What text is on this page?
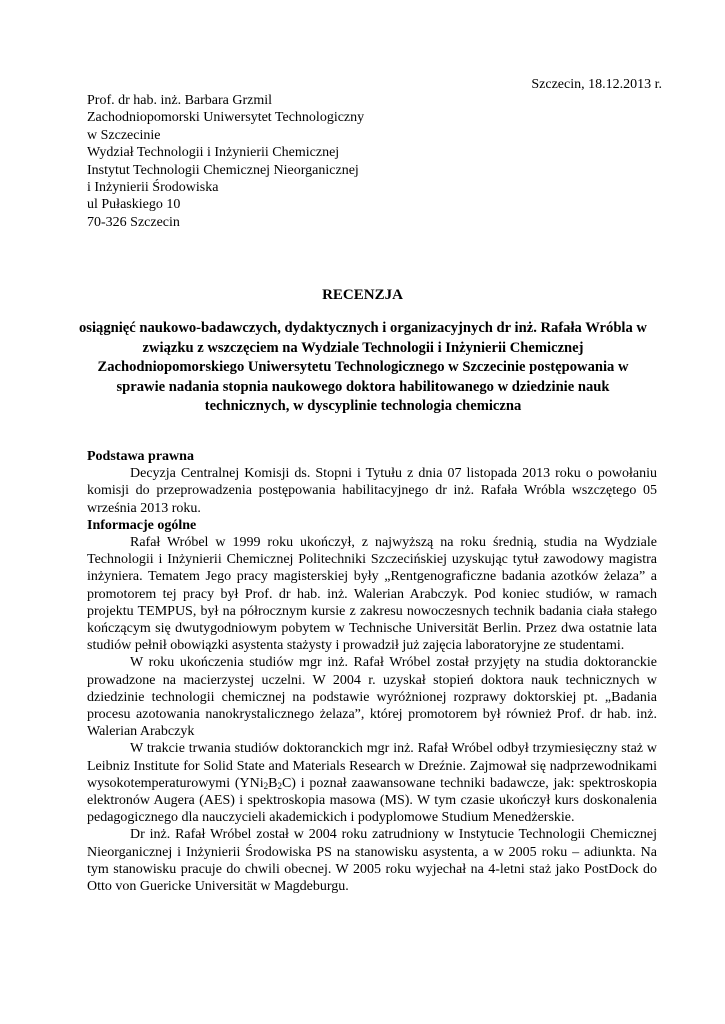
Szczecin, 18.12.2013 r.
Prof. dr hab. inż. Barbara Grzmil
Zachodniopomorski Uniwersytet Technologiczny
w Szczecinie
Wydział Technologii i Inżynierii Chemicznej
Instytut Technologii Chemicznej Nieorganicznej
i Inżynierii Środowiska
ul Pułaskiego 10
70-326 Szczecin
RECENZJA
osiągnięć naukowo-badawczych, dydaktycznych i organizacyjnych dr inż. Rafała Wróbla w związku z wszczęciem na Wydziale Technologii i Inżynierii Chemicznej Zachodniopomorskiego Uniwersytetu Technologicznego w Szczecinie postępowania w sprawie nadania stopnia naukowego doktora habilitowanego w dziedzinie nauk technicznych, w dyscyplinie technologia chemiczna
Podstawa prawna

Decyzja Centralnej Komisji ds. Stopni i Tytułu z dnia 07 listopada 2013 roku o powołaniu komisji do przeprowadzenia postępowania habilitacyjnego dr inż. Rafała Wróbla wszczętego 05 września 2013 roku.

Informacje ogólne

Rafał Wróbel w 1999 roku ukończył, z najwyższą na roku średnią, studia na Wydziale Technologii i Inżynierii Chemicznej Politechniki Szczecińskiej uzyskując tytuł zawodowy magistra inżyniera. Tematem Jego pracy magisterskiej były „Rentgenograficzne badania azotków żelaza” a promotorem tej pracy był Prof. dr hab. inż. Walerian Arabczyk. Pod koniec studiów, w ramach projektu TEMPUS, był na półrocznym kursie z zakresu nowoczesnych technik badania ciała stałego kończącym się dwutygodniowym pobytem w Technische Universität Berlin. Przez dwa ostatnie lata studiów pełnił obowiązki asystenta stażysty i prowadził już zajęcia laboratoryjne ze studentami.

W roku ukończenia studiów mgr inż. Rafał Wróbel został przyjęty na studia doktoranckie prowadzone na macierzystej uczelni. W 2004 r. uzyskał stopień doktora nauk technicznych w dziedzinie technologii chemicznej na podstawie wyróżnionej rozprawy doktorskiej pt. „Badania procesu azotowania nanokrystalicznego żelaza”, której promotorem był również Prof. dr hab. inż. Walerian Arabczyk

W trakcie trwania studiów doktoranckich mgr inż. Rafał Wróbel odbył trzymiesięczny staż w Leibniz Institute for Solid State and Materials Research w Dreźnie. Zajmował się nadprzewodnikami wysokotemperaturowymi $(YNi_2B_2C)$ i poznał zaawansowane techniki badawcze, jak: spektroskopia elektronów Augera (AES) i spektroskopia masowa (MS). W tym czasie ukończył kurs doskonalenia pedagogicznego dla nauczycieli akademickich i podyplomowe Studium Menedżerskie.

Dr inż. Rafał Wróbel został w 2004 roku zatrudniony w Instytucie Technologii Chemicznej Nieorganicznej i Inżynierii Środowiska PS na stanowisku asystenta, a w 2005 roku – adiunkta. Na tym stanowisku pracuje do chwili obecnej. W 2005 roku wyjechał na 4-letni staż jako PostDock do Otto von Guericke Universität w Magdeburgu.
